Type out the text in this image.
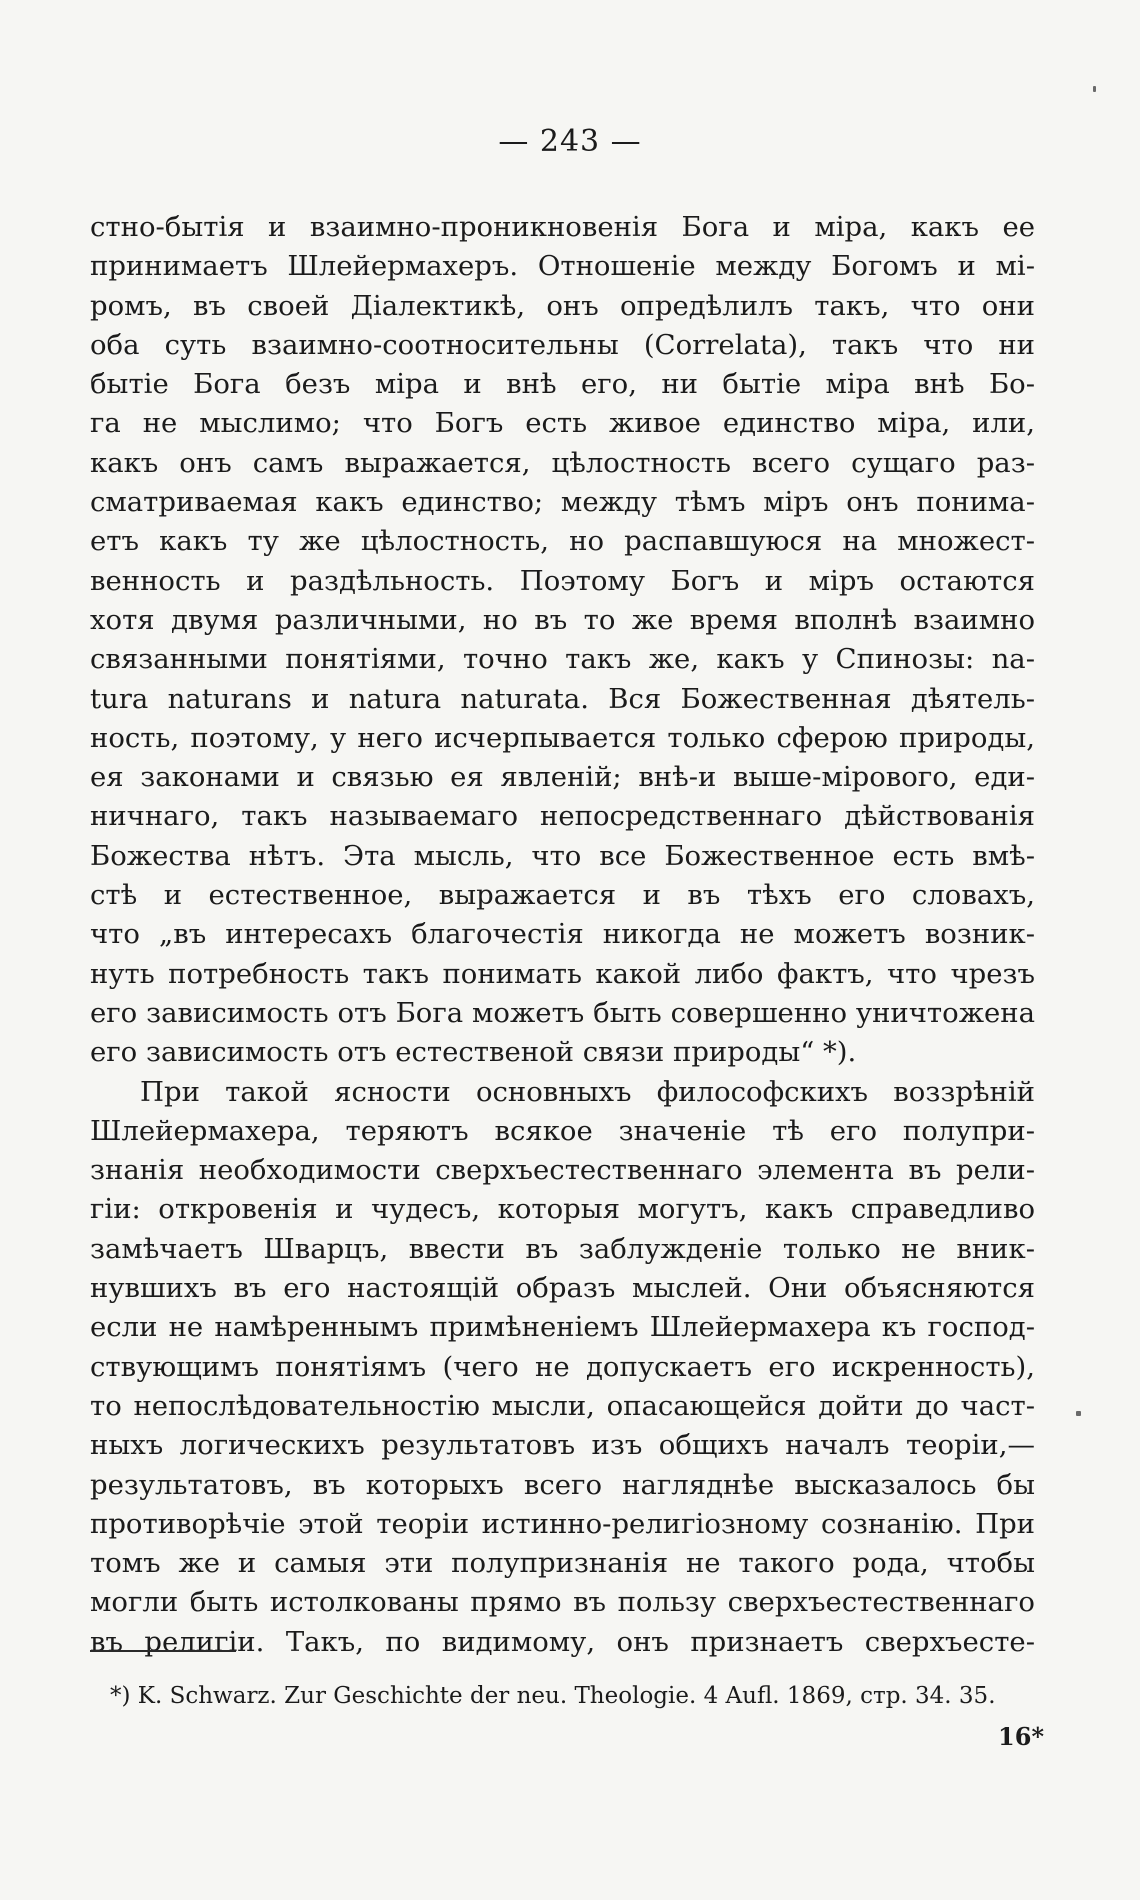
— 243 —
стно-бытія и взаимно-проникновенія Бога и міра, какъ ее
принимаетъ Шлейермахеръ. Отношеніе между Богомъ и мі-
ромъ, въ своей Діалектикѣ, онъ опредѣлилъ такъ, что они
оба суть взаимно-соотносительны (Correlata), такъ что ни
бытіе Бога безъ міра и внѣ его, ни бытіе міра внѣ Бо-
га не мыслимо; что Богъ есть живое единство міра, или,
какъ онъ самъ выражается, цѣлостность всего сущаго раз-
сматриваемая какъ единство; между тѣмъ міръ онъ понима-
етъ какъ ту же цѣлостность, но распавшуюся на множест-
венность и раздѣльность. Поэтому Богъ и міръ остаются
хотя двумя различными, но въ то же время вполнѣ взаимно
связанными понятіями, точно такъ же, какъ у Спинозы: na-
tura naturans и natura naturata. Вся Божественная дѣятель-
ность, поэтому, у него исчерпывается только сферою природы,
ея законами и связью ея явленій; внѣ-и выше-мірового, еди-
ничнаго, такъ называемаго непосредственнаго дѣйствованія
Божества нѣтъ. Эта мысль, что все Божественное есть вмѣ-
стѣ и естественное, выражается и въ тѣхъ его словахъ,
что „въ интересахъ благочестія никогда не можетъ возник-
нуть потребность такъ понимать какой либо фактъ, что чрезъ
его зависимость отъ Бога можетъ быть совершенно уничтожена
его зависимость отъ естественой связи природы“ *).
При такой ясности основныхъ философскихъ воззрѣній
Шлейермахера, теряютъ всякое значеніе тѣ его полупри-
знанія необходимости сверхъестественнаго элемента въ рели-
гіи: откровенія и чудесъ, которыя могутъ, какъ справедливо
замѣчаетъ Шварцъ, ввести въ заблужденіе только не вник-
нувшихъ въ его настоящій образъ мыслей. Они объясняются
если не намѣреннымъ примѣненіемъ Шлейермахера къ господ-
ствующимъ понятіямъ (чего не допускаетъ его искренность),
то непослѣдовательностію мысли, опасающейся дойти до част-
ныхъ логическихъ результатовъ изъ общихъ началъ теоріи,—
результатовъ, въ которыхъ всего нагляднѣе высказалось бы
противорѣчіе этой теоріи истинно-религіозному сознанію. При
томъ же и самыя эти полупризнанія не такого рода, чтобы
могли быть истолкованы прямо въ пользу сверхъестественнаго
въ религіи. Такъ, по видимому, онъ признаетъ сверхъесте-
*) K. Schwarz. Zur Geschichte der neu. Theologie. 4 Aufl. 1869, стр. 34. 35.
16*
